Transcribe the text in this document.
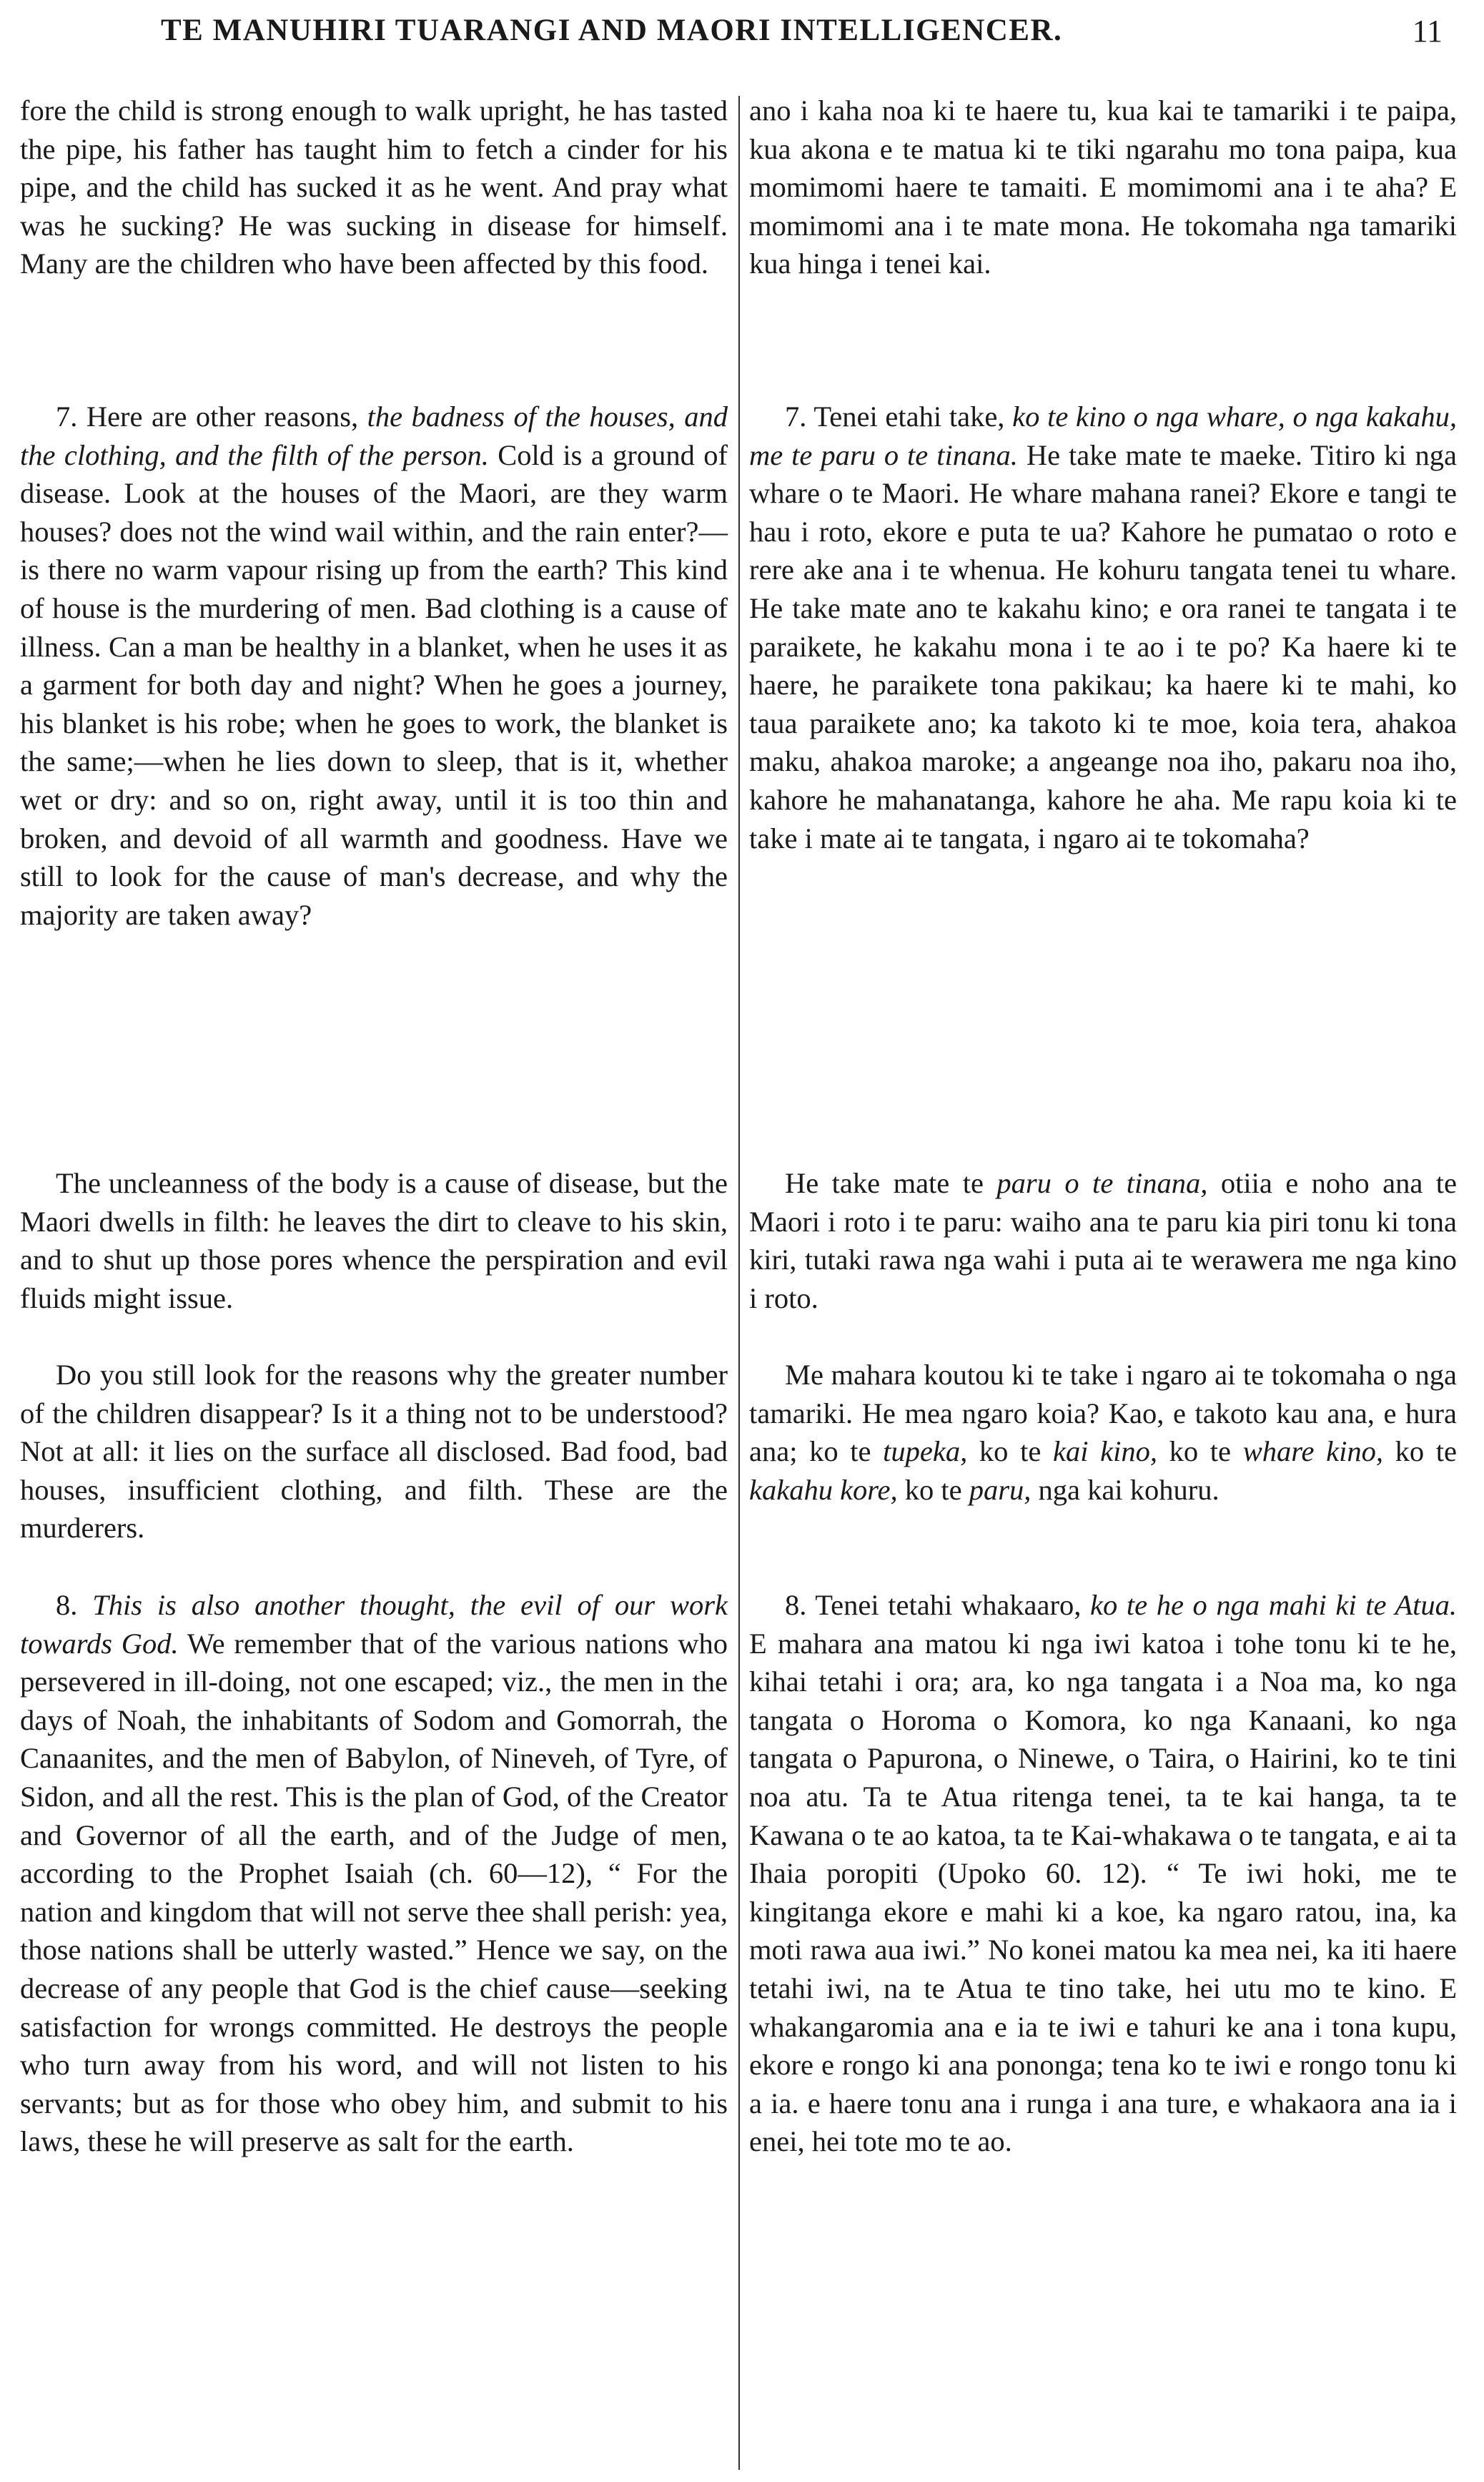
TE MANUHIRI TUARANGI AND MAORI INTELLIGENCER.	11

fore the child is strong enough to walk upright, he has tasted the pipe, his father has taught him to fetch a cinder for his pipe, and the child has sucked it as he went. And pray what was he sucking? He was sucking in disease for himself. Many are the children who have been affected by this food.

7. Here are other reasons, the badness of the houses, and the clothing, and the filth of the person. Cold is a ground of disease. Look at the houses of the Maori, are they warm houses? does not the wind wail within, and the rain enter?—is there no warm vapour rising up from the earth? This kind of house is the murdering of men. Bad clothing is a cause of illness. Can a man be healthy in a blanket, when he uses it as a garment for both day and night? When he goes a journey, his blanket is his robe; when he goes to work, the blanket is the same;—when he lies down to sleep, that is it, whether wet or dry: and so on, right away, until it is too thin and broken, and devoid of all warmth and goodness. Have we still to look for the cause of man's decrease, and why the majority are taken away?

The uncleanness of the body is a cause of disease, but the Maori dwells in filth: he leaves the dirt to cleave to his skin, and to shut up those pores whence the perspiration and evil fluids might issue.

Do you still look for the reasons why the greater number of the children disappear? Is it a thing not to be understood? Not at all: it lies on the surface all disclosed. Bad food, bad houses, insufficient clothing, and filth. These are the murderers.

8. This is also another thought, the evil of our work towards God. We remember that of the various nations who persevered in ill-doing, not one escaped; viz., the men in the days of Noah, the inhabitants of Sodom and Gomorrah, the Canaanites, and the men of Babylon, of Nineveh, of Tyre, of Sidon, and all the rest. This is the plan of God, of the Creator and Governor of all the earth, and of the Judge of men, according to the Prophet Isaiah (ch. 60—12), “ For the nation and kingdom that will not serve thee shall perish: yea, those nations shall be utterly wasted.” Hence we say, on the decrease of any people that God is the chief cause—seeking satisfaction for wrongs committed. He destroys the people who turn away from his word, and will not listen to his servants; but as for those who obey him, and submit to his laws, these he will preserve as salt for the earth.

ano i kaha noa ki te haere tu, kua kai te tamariki i te paipa, kua akona e te matua ki te tiki ngarahu mo tona paipa, kua momimomi haere te tamaiti. E momimomi ana i te aha? E momimomi ana i te mate mona. He tokomaha nga tamariki kua hinga i tenei kai.

7. Tenei etahi take, ko te kino o nga whare, o nga kakahu, me te paru o te tinana. He take mate te maeke. Titiro ki nga whare o te Maori. He whare mahana ranei? Ekore e tangi te hau i roto, ekore e puta te ua? Kahore he pumatao o roto e rere ake ana i te whenua. He kohuru tangata tenei tu whare. He take mate ano te kakahu kino; e ora ranei te tangata i te paraikete, he kakahu mona i te ao i te po? Ka haere ki te haere, he paraikete tona pakikau; ka haere ki te mahi, ko taua paraikete ano; ka takoto ki te moe, koia tera, ahakoa maku, ahakoa maroke; a angeange noa iho, pakaru noa iho, kahore he mahanatanga, kahore he aha. Me rapu koia ki te take i mate ai te tangata, i ngaro ai te tokomaha?

He take mate te paru o te tinana, otiia e noho ana te Maori i roto i te paru: waiho ana te paru kia piri tonu ki tona kiri, tutaki rawa nga wahi i puta ai te werawera me nga kino i roto.

Me mahara koutou ki te take i ngaro ai te tokomaha o nga tamariki. He mea ngaro koia? Kao, e takoto kau ana, e hura ana; ko te tupeka, ko te kai kino, ko te whare kino, ko te kakahu kore, ko te paru, nga kai kohuru.

8. Tenei tetahi whakaaro, ko te he o nga mahi ki te Atua. E mahara ana matou ki nga iwi katoa i tohe tonu ki te he, kihai tetahi i ora; ara, ko nga tangata i a Noa ma, ko nga tangata o Horoma o Komora, ko nga Kanaani, ko nga tangata o Papurona, o Ninewe, o Taira, o Hairini, ko te tini noa atu. Ta te Atua ritenga tenei, ta te kai hanga, ta te Kawana o te ao katoa, ta te Kai-whakawa o te tangata, e ai ta Ihaia poropiti (Upoko 60. 12). “ Te iwi hoki, me te kingitanga ekore e mahi ki a koe, ka ngaro ratou, ina, ka moti rawa aua iwi.” No konei matou ka mea nei, ka iti haere tetahi iwi, na te Atua te tino take, hei utu mo te kino. E whakangaromia ana e ia te iwi e tahuri ke ana i tona kupu, ekore e rongo ki ana pononga; tena ko te iwi e rongo tonu ki a ia. e haere tonu ana i runga i ana ture, e whakaora ana ia i enei, hei tote mo te ao.
